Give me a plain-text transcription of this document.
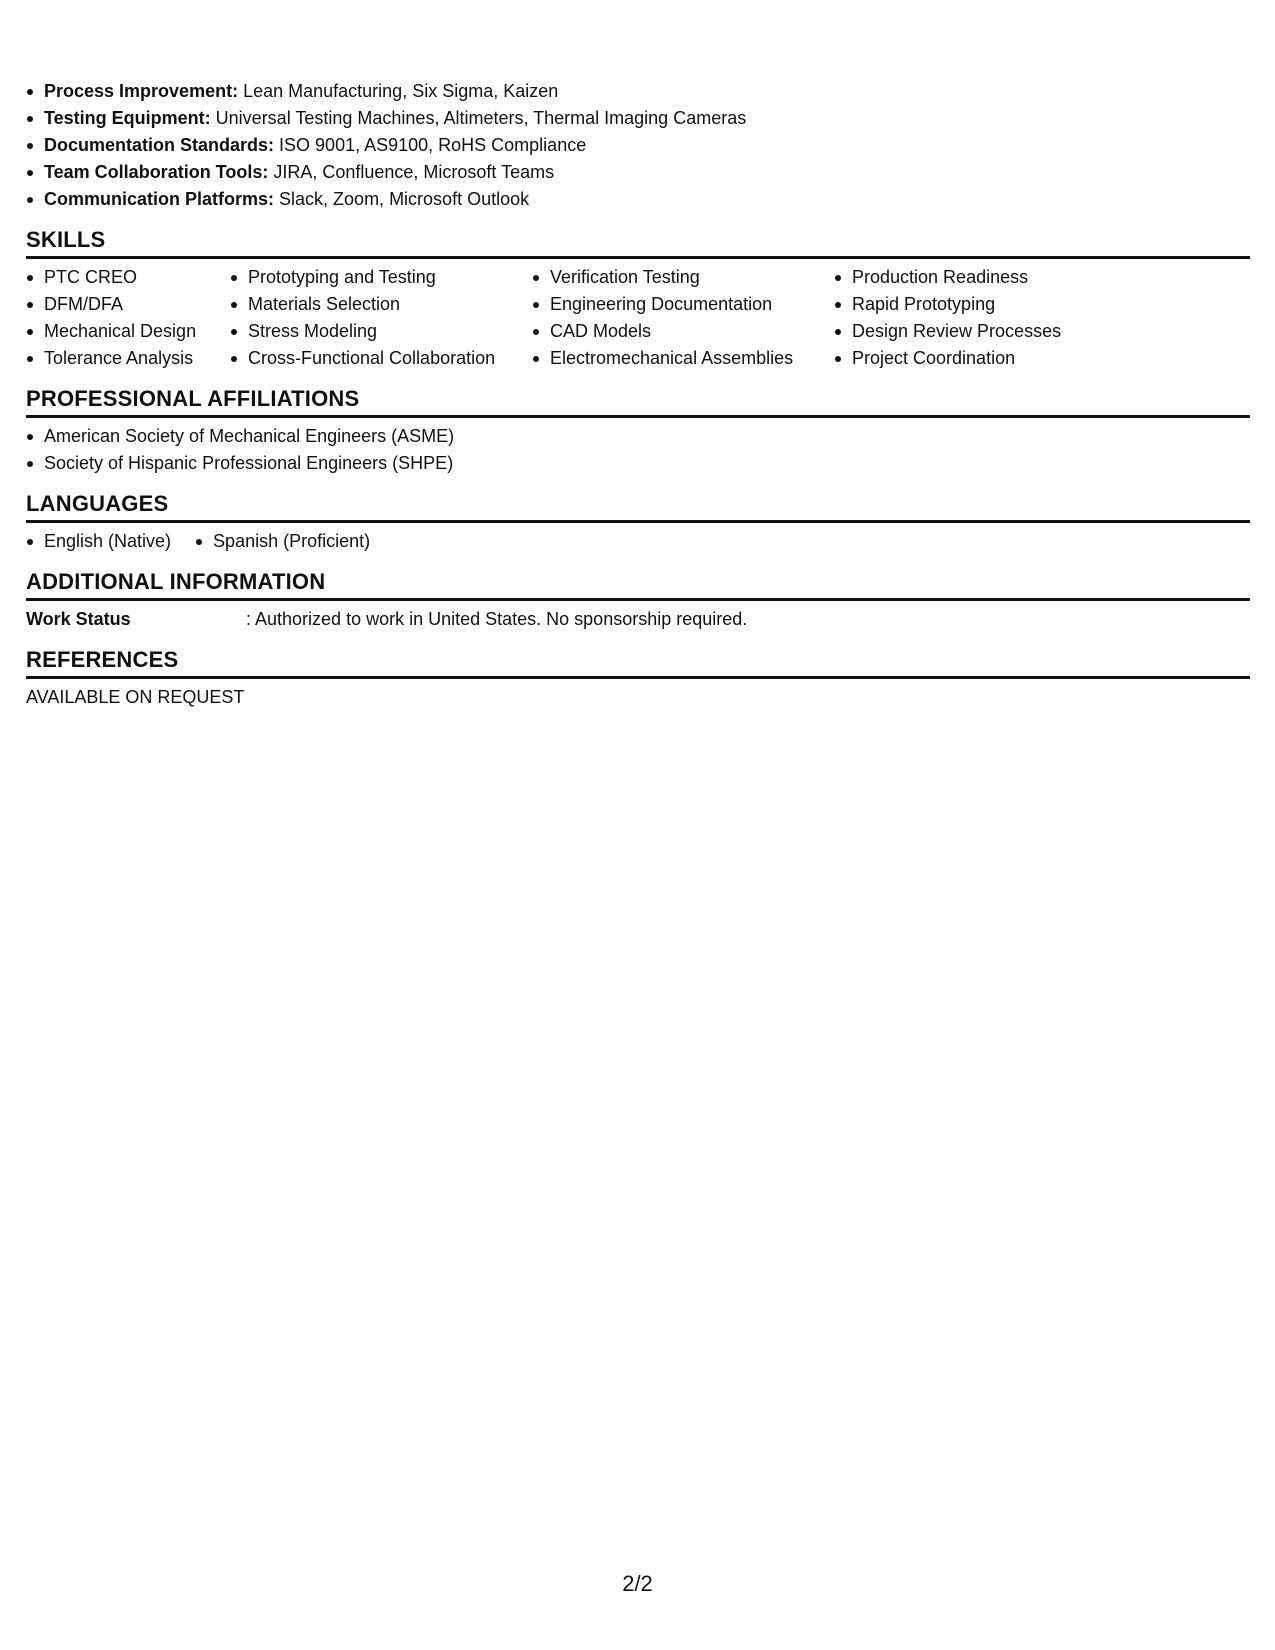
Process Improvement: Lean Manufacturing, Six Sigma, Kaizen
Testing Equipment: Universal Testing Machines, Altimeters, Thermal Imaging Cameras
Documentation Standards: ISO 9001, AS9100, RoHS Compliance
Team Collaboration Tools: JIRA, Confluence, Microsoft Teams
Communication Platforms: Slack, Zoom, Microsoft Outlook
SKILLS
PTC CREO
DFM/DFA
Mechanical Design
Tolerance Analysis
Prototyping and Testing
Materials Selection
Stress Modeling
Cross-Functional Collaboration
Verification Testing
Engineering Documentation
CAD Models
Electromechanical Assemblies
Production Readiness
Rapid Prototyping
Design Review Processes
Project Coordination
PROFESSIONAL AFFILIATIONS
American Society of Mechanical Engineers (ASME)
Society of Hispanic Professional Engineers (SHPE)
LANGUAGES
English (Native)	Spanish (Proficient)
ADDITIONAL INFORMATION
Work Status	: Authorized to work in United States. No sponsorship required.
REFERENCES
AVAILABLE ON REQUEST
2/2
